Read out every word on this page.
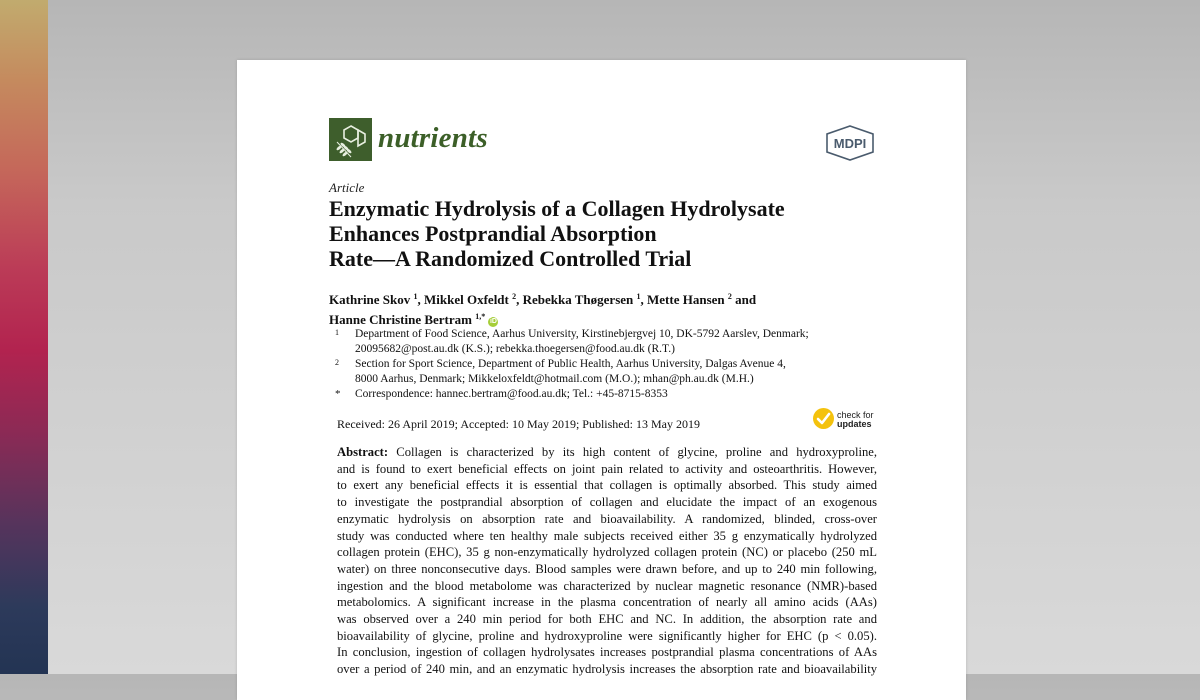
nutrients	MDPI
Article
Enzymatic Hydrolysis of a Collagen Hydrolysate
Enhances Postprandial Absorption
Rate—A Randomized Controlled Trial
Kathrine Skov $^1$, Mikkel Oxfeldt $^2$, Rebekka Thøgersen $^1$, Mette Hansen $^2$ and
Hanne Christine Bertram $^{1,*}$ iD
1 Department of Food Science, Aarhus University, Kirstinebjergvej 10, DK-5792 Aarslev, Denmark;
20095682@post.au.dk (K.S.); rebekka.thoegersen@food.au.dk (R.T.)
2 Section for Sport Science, Department of Public Health, Aarhus University, Dalgas Avenue 4,
8000 Aarhus, Denmark; Mikkeloxfeldt@hotmail.com (M.O.); mhan@ph.au.dk (M.H.)
* Correspondence: hannec.bertram@food.au.dk; Tel.: +45-8715-8353
Received: 26 April 2019; Accepted: 10 May 2019; Published: 13 May 2019
check for
updates
Abstract: Collagen is characterized by its high content of glycine, proline and hydroxyproline,
and is found to exert beneficial effects on joint pain related to activity and osteoarthritis. However,
to exert any beneficial effects it is essential that collagen is optimally absorbed. This study aimed
to investigate the postprandial absorption of collagen and elucidate the impact of an exogenous
enzymatic hydrolysis on absorption rate and bioavailability. A randomized, blinded, cross-over
study was conducted where ten healthy male subjects received either 35 g enzymatically hydrolyzed
collagen protein (EHC), 35 g non-enzymatically hydrolyzed collagen protein (NC) or placebo (250 mL
water) on three nonconsecutive days. Blood samples were drawn before, and up to 240 min following,
ingestion and the blood metabolome was characterized by nuclear magnetic resonance (NMR)-based
metabolomics. A significant increase in the plasma concentration of nearly all amino acids (AAs)
was observed over a 240 min period for both EHC and NC. In addition, the absorption rate and
bioavailability of glycine, proline and hydroxyproline were significantly higher for EHC (p < 0.05).
In conclusion, ingestion of collagen hydrolysates increases postprandial plasma concentrations of AAs
over a period of 240 min, and an enzymatic hydrolysis increases the absorption rate and bioavailability
